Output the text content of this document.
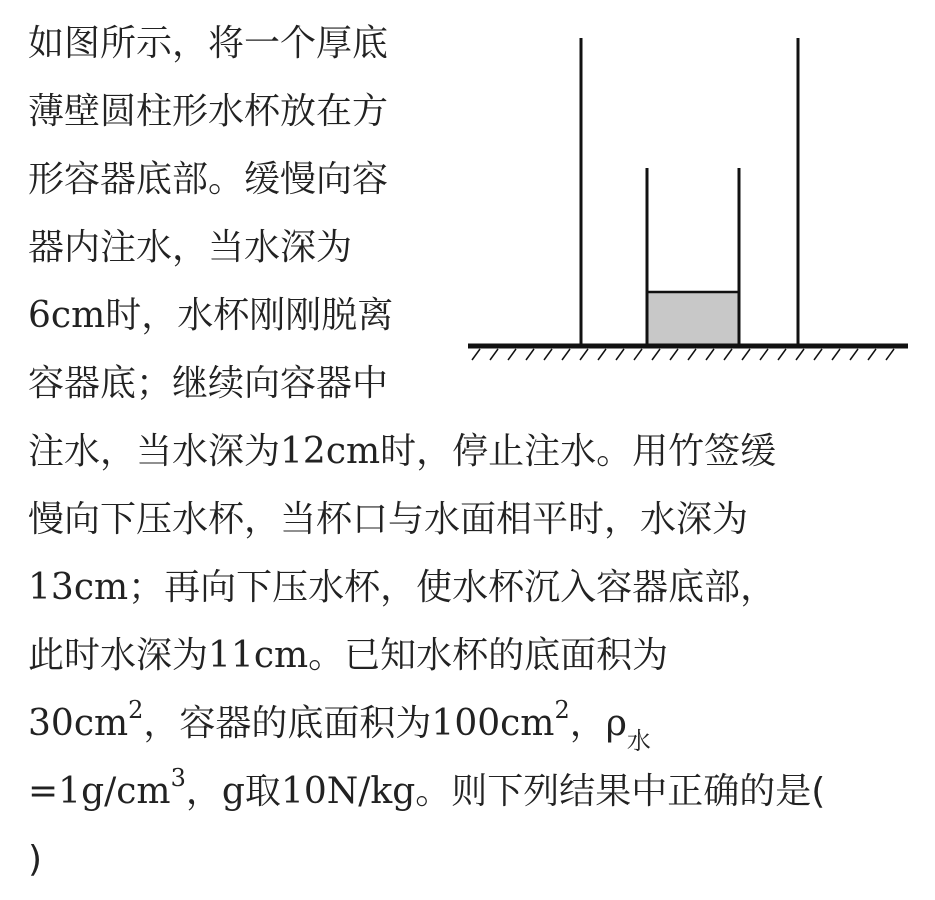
如图所示，将一个厚底
薄壁圆柱形水杯放在方
形容器底部。缓慢向容
器内注水，当水深为
6cm时，水杯刚刚脱离
容器底；继续向容器中
注水，当水深为12cm时，停止注水。用竹签缓
慢向下压水杯，当杯口与水面相平时，水深为
13cm；再向下压水杯，使水杯沉入容器底部，
此时水深为11cm。已知水杯的底面积为
$30cm^2$，容器的底面积为$100cm^2$，$\rho_水$
$=1g/cm^3$，g取10N/kg。则下列结果中正确的是(
)
